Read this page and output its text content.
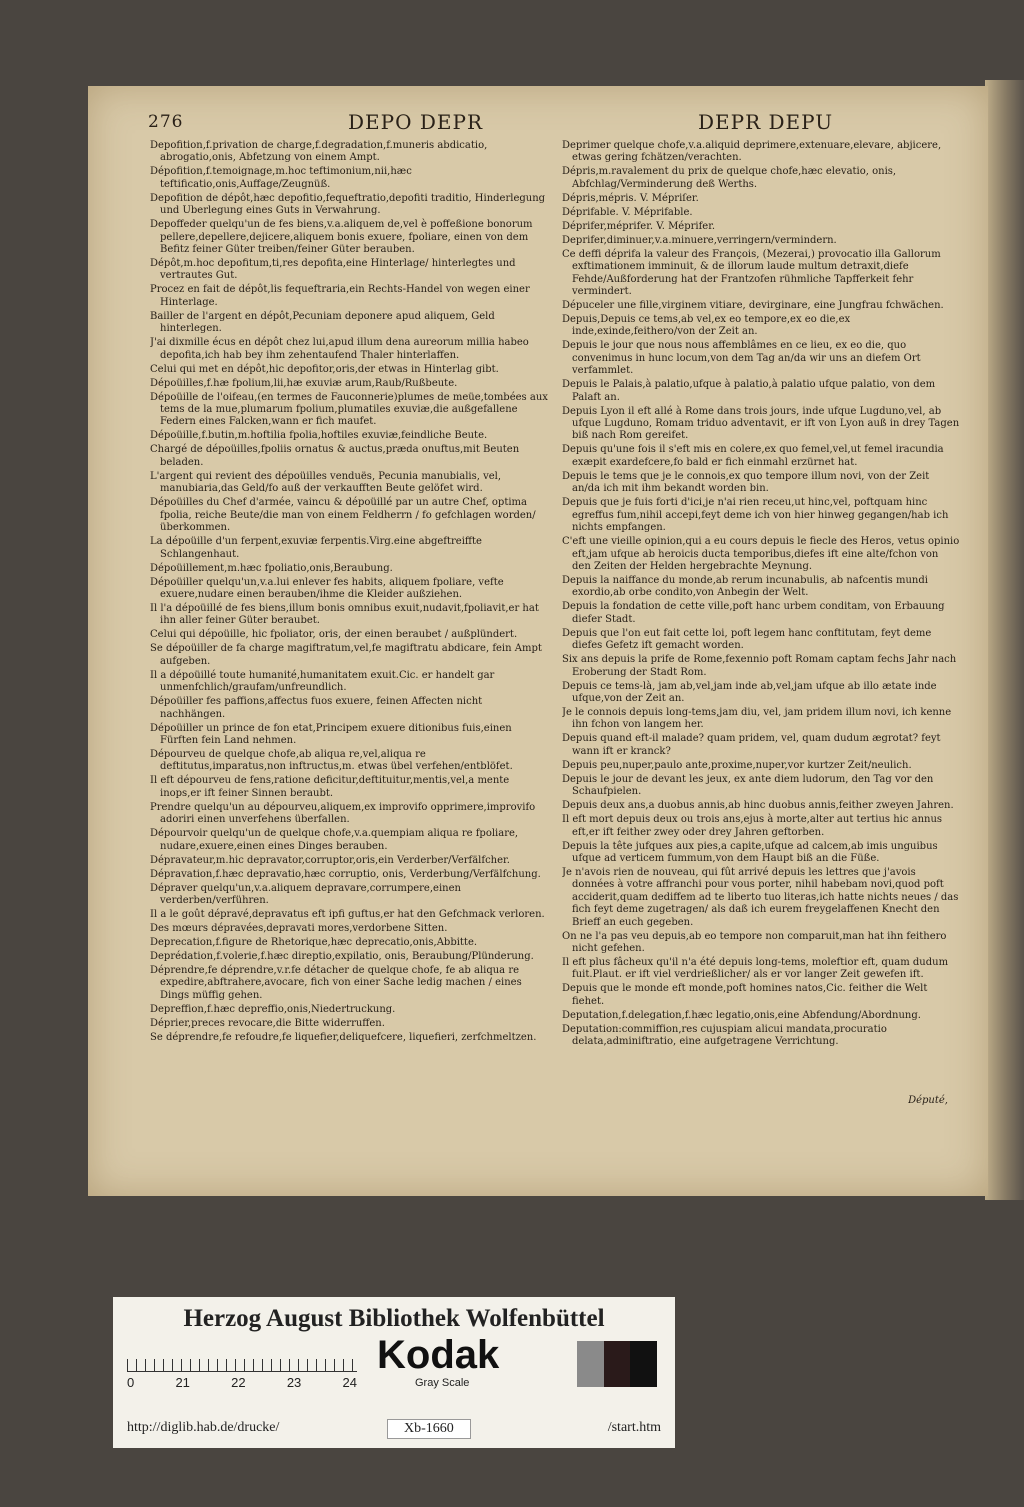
276	DEPO DEPR	DEPR DEPU

Depofition,f.privation de charge,f.degradation,f.muneris abdicatio, abrogatio,onis, Abfetzung von einem Ampt.

Dépofition,f.temoignage,m.hoc teftimonium,nii,hæc teftificatio,onis,Auffage/Zeugnüß.

Depofition de dépôt,hæc depofitio,fequeftratio,depofiti traditio, Hinderlegung und Uberlegung eines Guts in Verwahrung.

Depoffeder quelqu'un de fes biens,v.a.aliquem de,vel è poffeßione bonorum pellere,depellere,dejicere,aliquem bonis exuere, fpoliare, einen von dem Befitz feiner Güter treiben/feiner Güter berauben.

Dépôt,m.hoc depofitum,ti,res depofita,eine Hinterlage/ hinterlegtes und vertrautes Gut.

Procez en fait de dépôt,lis fequeftraria,ein Rechts-Handel von wegen einer Hinterlage.

Bailler de l'argent en dépôt,Pecuniam deponere apud aliquem, Geld hinterlegen.

J'ai dixmille écus en dépôt chez lui,apud illum dena aureorum millia habeo depofita,ich hab bey ihm zehentaufend Thaler hinterlaffen.

Celui qui met en dépôt,hic depofitor,oris,der etwas in Hinterlag gibt.

Dépoüilles,f.hæ fpolium,lii,hæ exuviæ arum,Raub/Rußbeute.

Dépoüille de l'oifeau,(en termes de Fauconnerie)plumes de meüe,tombées aux tems de la mue,plumarum fpolium,plumatiles exuviæ,die außgefallene Federn eines Falcken,wann er fich maufet.

Dépoüille,f.butin,m.hoftilia fpolia,hoftiles exuviæ,feindliche Beute.

Chargé de dépoüilles,fpoliis ornatus & auctus,præda onuftus,mit Beuten beladen.

L'argent qui revient des dépoüilles venduës, Pecunia manubialis, vel, manubiaria,das Geld/fo auß der verkaufften Beute gelöfet wird.

Dépoüilles du Chef d'armée, vaincu & dépoüillé par un autre Chef, optima fpolia, reiche Beute/die man von einem Feldherrn / fo gefchlagen worden/überkommen.

La dépoüille d'un ferpent,exuviæ ferpentis.Virg.eine abgeftreiffte Schlangenhaut.

Dépoüillement,m.hæc fpoliatio,onis,Beraubung.

Dépoüiller quelqu'un,v.a.lui enlever fes habits, aliquem fpoliare, vefte exuere,nudare einen berauben/ihme die Kleider außziehen.

Il l'a dépoüillé de fes biens,illum bonis omnibus exuit,nudavit,fpoliavit,er hat ihn aller feiner Güter beraubet.

Celui qui dépoüille, hic fpoliator, oris, der einen beraubet / außplündert.

Se dépoüiller de fa charge magiftratum,vel,fe magiftratu abdicare, fein Ampt aufgeben.

Il a dépoüillé toute humanité,humanitatem exuit.Cic. er handelt gar unmenfchlich/graufam/unfreundlich.

Dépoüiller fes paffions,affectus fuos exuere, feinen Affecten nicht nachhängen.

Dépoüiller un prince de fon etat,Principem exuere ditionibus fuis,einen Fürften fein Land nehmen.

Dépourveu de quelque chofe,ab aliqua re,vel,aliqua re deftitutus,imparatus,non inftructus,m. etwas übel verfehen/entblöfet.

Il eft dépourveu de fens,ratione deficitur,deftituitur,mentis,vel,a mente inops,er ift feiner Sinnen beraubt.

Prendre quelqu'un au dépourveu,aliquem,ex improvifo opprimere,improvifo adoriri einen unverfehens überfallen.

Dépourvoir quelqu'un de quelque chofe,v.a.quempiam aliqua re fpoliare, nudare,exuere,einen eines Dinges berauben.

Dépravateur,m.hic depravator,corruptor,oris,ein Verderber/Verfälfcher.

Dépravation,f.hæc depravatio,hæc corruptio, onis, Verderbung/Verfälfchung.

Dépraver quelqu'un,v.a.aliquem depravare,corrumpere,einen verderben/verführen.

Il a le goût dépravé,depravatus eft ipfi guftus,er hat den Gefchmack verloren.

Des mœurs dépravées,depravati mores,verdorbene Sitten.

Deprecation,f.figure de Rhetorique,hæc deprecatio,onis,Abbitte.

Deprédation,f.volerie,f.hæc direptio,expilatio, onis, Beraubung/Plünderung.

Déprendre,fe déprendre,v.r.fe détacher de quelque chofe, fe ab aliqua re expedire,abftrahere,avocare, fich von einer Sache ledig machen / eines Dings müffig gehen.

Depreffion,f.hæc depreffio,onis,Niedertruckung.

Déprier,preces revocare,die Bitte widerruffen.

Se déprendre,fe refoudre,fe liquefier,deliquefcere, liquefieri, zerfchmeltzen.

Deprimer quelque chofe,v.a.aliquid deprimere,extenuare,elevare, abjicere, etwas gering fchätzen/verachten.

Dépris,m.ravalement du prix de quelque chofe,hæc elevatio, onis, Abfchlag/Verminderung deß Werths.

Dépris,mépris. V. Mépriſer.

Déprifable. V. Méprifable.

Déprifer,méprifer. V. Méprifer.

Deprifer,diminuer,v.a.minuere,verringern/vermindern.

Ce deffi déprifa la valeur des François, (Mezerai,) provocatio illa Gallorum exftimationem imminuit, & de illorum laude multum detraxit,diefe Fehde/Außforderung hat der Frantzofen rühmliche Tapfferkeit fehr vermindert.

Dépuceler une fille,virginem vitiare, devirginare, eine Jungfrau fchwächen.

Depuis,Depuis ce tems,ab vel,ex eo tempore,ex eo die,ex inde,exinde,feithero/von der Zeit an.

Depuis le jour que nous nous affemblâmes en ce lieu, ex eo die, quo convenimus in hunc locum,von dem Tag an/da wir uns an diefem Ort verfammlet.

Depuis le Palais,à palatio,ufque à palatio,à palatio ufque palatio, von dem Palaft an.

Depuis Lyon il eft allé à Rome dans trois jours, inde ufque Lugduno,vel, ab ufque Lugduno, Romam triduo adventavit, er ift von Lyon auß in drey Tagen biß nach Rom gereifet.

Depuis qu'une fois il s'eft mis en colere,ex quo femel,vel,ut femel iracundia exæpit exardefcere,fo bald er fich einmahl erzürnet hat.

Depuis le tems que je le connois,ex quo tempore illum novi, von der Zeit an/da ich mit ihm bekandt worden bin.

Depuis que je fuis forti d'ici,je n'ai rien receu,ut hinc,vel, poftquam hinc egreffus fum,nihil accepi,feyt deme ich von hier hinweg gegangen/hab ich nichts empfangen.

C'eft une vieille opinion,qui a eu cours depuis le fiecle des Heros, vetus opinio eft,jam ufque ab heroicis ducta temporibus,diefes ift eine alte/fchon von den Zeiten der Helden hergebrachte Meynung.

Depuis la naiffance du monde,ab rerum incunabulis, ab nafcentis mundi exordio,ab orbe condito,von Anbegin der Welt.

Depuis la fondation de cette ville,poft hanc urbem conditam, von Erbauung diefer Stadt.

Depuis que l'on eut fait cette loi, poft legem hanc conftitutam, feyt deme diefes Gefetz ift gemacht worden.

Six ans depuis la prife de Rome,fexennio poft Romam captam fechs Jahr nach Eroberung der Stadt Rom.

Depuis ce tems-là, jam ab,vel,jam inde ab,vel,jam ufque ab illo ætate inde ufque,von der Zeit an.

Je le connois depuis long-tems,jam diu, vel, jam pridem illum novi, ich kenne ihn fchon von langem her.

Depuis quand eft-il malade? quam pridem, vel, quam dudum ægrotat? feyt wann ift er kranck?

Depuis peu,nuper,paulo ante,proxime,nuper,vor kurtzer Zeit/neulich.

Depuis le jour de devant les jeux, ex ante diem ludorum, den Tag vor den Schaufpielen.

Depuis deux ans,a duobus annis,ab hinc duobus annis,feither zweyen Jahren.

Il eft mort depuis deux ou trois ans,ejus à morte,alter aut tertius hic annus eft,er ift feither zwey oder drey Jahren geftorben.

Depuis la tête jufques aux pies,a capite,ufque ad calcem,ab imis unguibus ufque ad verticem fummum,von dem Haupt biß an die Füße.

Je n'avois rien de nouveau, qui fût arrivé depuis les lettres que j'avois données à votre affranchi pour vous porter, nihil habebam novi,quod poft acciderit,quam dediffem ad te liberto tuo literas,ich hatte nichts neues / das fich feyt deme zugetragen/ als daß ich eurem freygelaffenen Knecht den Brieff an euch gegeben.

On ne l'a pas veu depuis,ab eo tempore non comparuit,man hat ihn feithero nicht gefehen.

Il eft plus fâcheux qu'il n'a été depuis long-tems, moleftior eft, quam dudum fuit.Plaut. er ift viel verdrießlicher/ als er vor langer Zeit gewefen ift.

Depuis que le monde eft monde,poft homines natos,Cic. feither die Welt fiehet.

Deputation,f.delegation,f.hæc legatio,onis,eine Abfendung/Abordnung.

Deputation:commiffion,res cujuspiam alicui mandata,procuratio delata,adminiftratio, eine aufgetragene Verrichtung.

Député,
Herzog August Bibliothek Wolfenbüttel
0	21	22	23	24
Kodak
Gray Scale
http://diglib.hab.de/drucke/	Xb-1660	/start.htm
